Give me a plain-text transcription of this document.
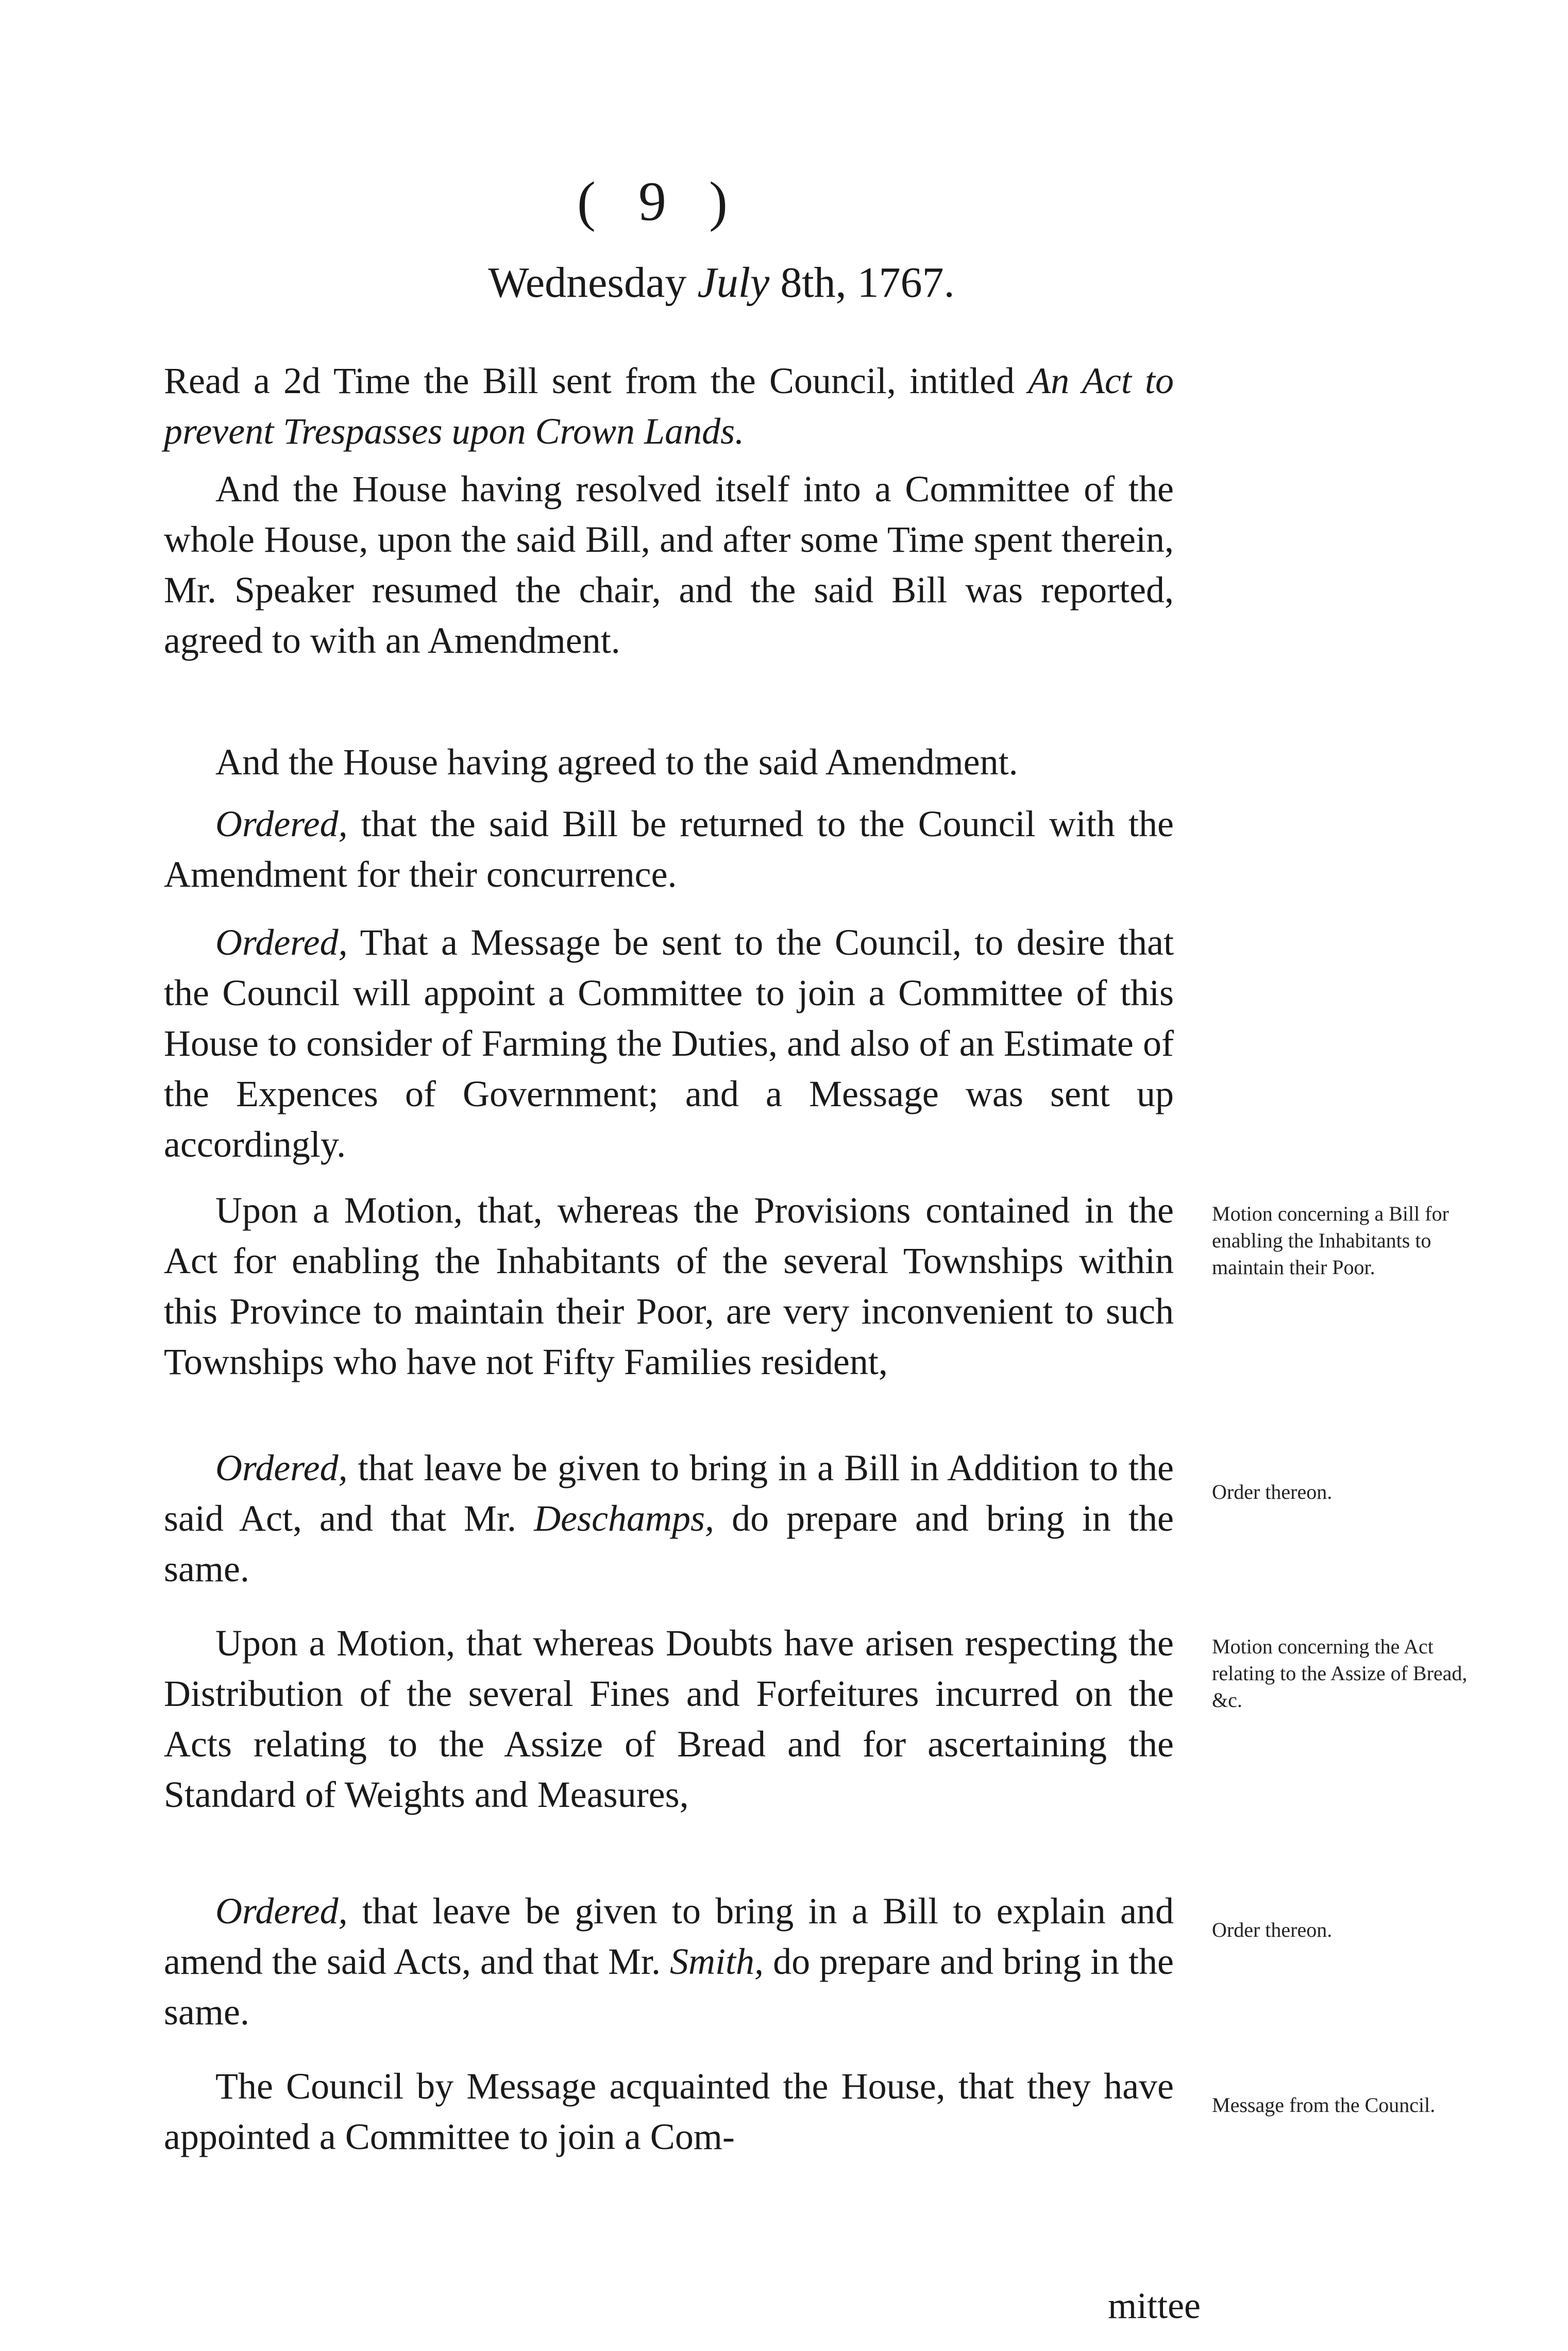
( 9 )
Wednesday July 8th, 1767.
Read a 2d Time the Bill sent from the Council, intitled An Act to prevent Trespasses upon Crown Lands.
And the House having resolved itself into a Committee of the whole House, upon the said Bill, and after some Time spent therein, Mr. Speaker resumed the chair, and the said Bill was reported, agreed to with an Amendment.
And the House having agreed to the said Amendment.
Ordered, that the said Bill be returned to the Council with the Amendment for their concurrence.
Ordered, That a Message be sent to the Council, to desire that the Council will appoint a Committee to join a Committee of this House to consider of Farming the Duties, and also of an Estimate of the Expences of Government; and a Message was sent up accordingly.
Upon a Motion, that, whereas the Provisions contained in the Act for enabling the Inhabitants of the several Townships within this Province to maintain their Poor, are very inconvenient to such Townships who have not Fifty Families resident,
Motion concerning a Bill for enabling the Inhabitants to maintain their Poor.
Ordered, that leave be given to bring in a Bill in Addition to the said Act, and that Mr. Deschamps, do prepare and bring in the same.
Order thereon.
Upon a Motion, that whereas Doubts have arisen respecting the Distribution of the several Fines and Forfeitures incurred on the Acts relating to the Assize of Bread and for ascertaining the Standard of Weights and Measures,
Motion concerning the Act relating to the Assize of Bread, &c.
Ordered, that leave be given to bring in a Bill to explain and amend the said Acts, and that Mr. Smith, do prepare and bring in the same.
Order thereon.
The Council by Message acquainted the House, that they have appointed a Committee to join a Com-
Message from the Council.
mittee
